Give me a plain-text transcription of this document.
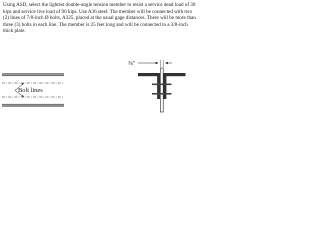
Using ASD, select the lightest double-angle tension member to resist a service dead load of 30 kips and service live load of 90 kips. Use A36 steel. The member will be connected with two (2) lines of 7/8-inch Ø bolts, A325, placed at the usual gage distances. There will be more than three (3) bolts in each line. The member is 25 feet long and will be connected to a 3/8-inch thick plate.

Bolt lines
⅜"
